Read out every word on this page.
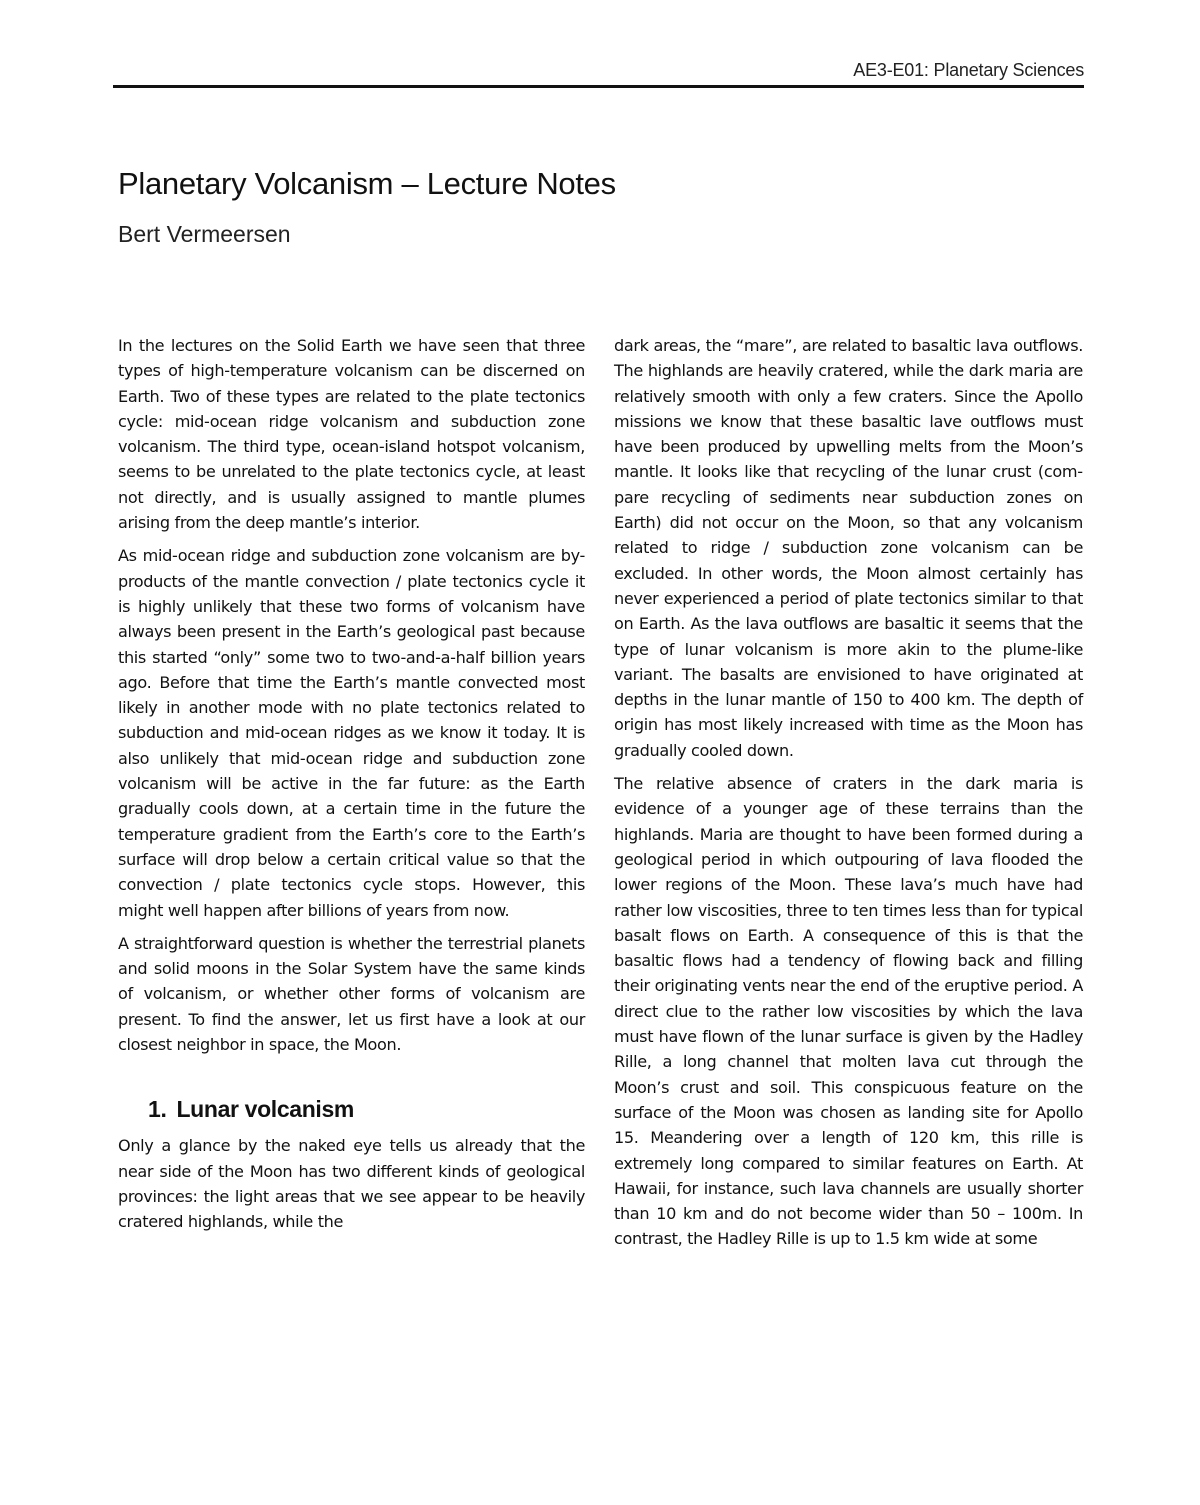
AE3-E01: Planetary Sciences
Planetary Volcanism – Lecture Notes
Bert Vermeersen

In the lectures on the Solid Earth we have seen that three types of high-temperature volcanism can be discerned on Earth. Two of these types are related to the plate tectonics cycle: mid-ocean ridge volcanism and subduction zone volcanism. The third type, ocean-island hotspot volcanism, seems to be unrelated to the plate tectonics cycle, at least not directly, and is usually assigned to mantle plumes arising from the deep mantle’s interior.

As mid-ocean ridge and subduction zone volcanism are by-products of the mantle convection / plate tectonics cycle it is highly unlikely that these two forms of volcanism have always been present in the Earth’s geological past because this started “only” some two to two-and-a-half billion years ago. Before that time the Earth’s mantle convected most likely in another mode with no plate tectonics related to subduction and mid-ocean ridges as we know it today. It is also unlikely that mid-ocean ridge and subduction zone volcanism will be active in the far future: as the Earth gradually cools down, at a certain time in the future the temperature gradient from the Earth’s core to the Earth’s surface will drop below a certain critical value so that the convection / plate tectonics cycle stops. However, this might well happen after billions of years from now.

A straightforward question is whether the terrestrial planets and solid moons in the Solar System have the same kinds of volcanism, or whether other forms of volcanism are present. To find the answer, let us first have a look at our closest neighbor in space, the Moon.

1. Lunar volcanism

Only a glance by the naked eye tells us already that the near side of the Moon has two different kinds of geological provinces: the light areas that we see appear to be heavily cratered highlands, while the

dark areas, the “mare”, are related to basaltic lava outflows. The highlands are heavily cratered, while the dark maria are relatively smooth with only a few craters. Since the Apollo missions we know that these basaltic lave outflows must have been produced by upwelling melts from the Moon’s mantle. It looks like that recycling of the lunar crust (compare recycling of sediments near subduction zones on Earth) did not occur on the Moon, so that any volcanism related to ridge / subduction zone volcanism can be excluded. In other words, the Moon almost certainly has never experienced a period of plate tectonics similar to that on Earth. As the lava outflows are basaltic it seems that the type of lunar volcanism is more akin to the plume-like variant. The basalts are envisioned to have originated at depths in the lunar mantle of 150 to 400 km. The depth of origin has most likely increased with time as the Moon has gradually cooled down.

The relative absence of craters in the dark maria is evidence of a younger age of these terrains than the highlands. Maria are thought to have been formed during a geological period in which outpouring of lava flooded the lower regions of the Moon. These lava’s much have had rather low viscosities, three to ten times less than for typical basalt flows on Earth. A consequence of this is that the basaltic flows had a tendency of flowing back and filling their originating vents near the end of the eruptive period. A direct clue to the rather low viscosities by which the lava must have flown of the lunar surface is given by the Hadley Rille, a long channel that molten lava cut through the Moon’s crust and soil. This conspicuous feature on the surface of the Moon was chosen as landing site for Apollo 15. Meandering over a length of 120 km, this rille is extremely long compared to similar features on Earth. At Hawaii, for instance, such lava channels are usually shorter than 10 km and do not become wider than 50 – 100m. In contrast, the Hadley Rille is up to 1.5 km wide at some
